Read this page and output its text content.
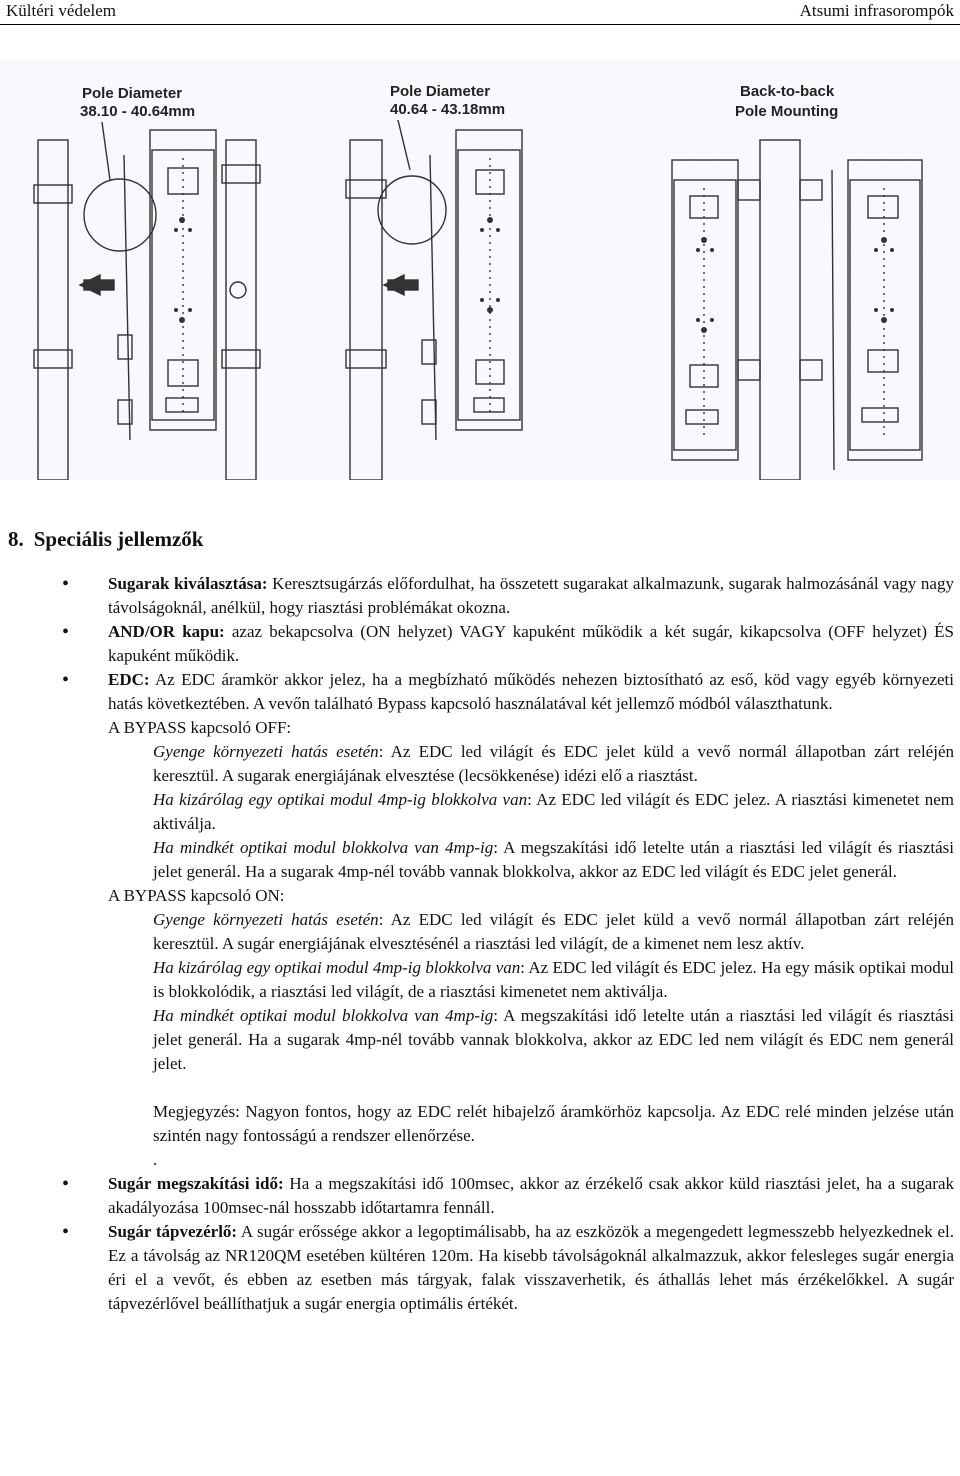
Kültéri védelem	Atsumi infrasorompók
Pole Diameter
38.10 - 40.64mm
Pole Diameter
40.64 - 43.18mm
Back-to-back
Pole Mounting
8. Speciális jellemzők
• Sugarak kiválasztása: Keresztsugárzás előfordulhat, ha összetett sugarakat alkalmazunk, sugarak halmozásánál vagy nagy távolságoknál, anélkül, hogy riasztási problémákat okozna.
• AND/OR kapu: azaz bekapcsolva (ON helyzet) VAGY kapuként működik a két sugár, kikapcsolva (OFF helyzet) ÉS kapuként működik.
• EDC: Az EDC áramkör akkor jelez, ha a megbízható működés nehezen biztosítható az eső, köd vagy egyéb környezeti hatás következtében. A vevőn található Bypass kapcsoló használatával két jellemző módból választhatunk.
A BYPASS kapcsoló OFF:
Gyenge környezeti hatás esetén: Az EDC led világít és EDC jelet küld a vevő normál állapotban zárt reléjén keresztül. A sugarak energiájának elvesztése (lecsökkenése) idézi elő a riasztást.
Ha kizárólag egy optikai modul 4mp-ig blokkolva van: Az EDC led világít és EDC jelez. A riasztási kimenetet nem aktiválja.
Ha mindkét optikai modul blokkolva van 4mp-ig: A megszakítási idő letelte után a riasztási led világít és riasztási jelet generál. Ha a sugarak 4mp-nél tovább vannak blokkolva, akkor az EDC led világít és EDC jelet generál.
A BYPASS kapcsoló ON:
Gyenge környezeti hatás esetén: Az EDC led világít és EDC jelet küld a vevő normál állapotban zárt reléjén keresztül. A sugár energiájának elvesztésénél a riasztási led világít, de a kimenet nem lesz aktív.
Ha kizárólag egy optikai modul 4mp-ig blokkolva van: Az EDC led világít és EDC jelez. Ha egy másik optikai modul is blokkolódik, a riasztási led világít, de a riasztási kimenetet nem aktiválja.
Ha mindkét optikai modul blokkolva van 4mp-ig: A megszakítási idő letelte után a riasztási led világít és riasztási jelet generál. Ha a sugarak 4mp-nél tovább vannak blokkolva, akkor az EDC led nem világít és EDC nem generál jelet.
Megjegyzés: Nagyon fontos, hogy az EDC relét hibajelző áramkörhöz kapcsolja. Az EDC relé minden jelzése után szintén nagy fontosságú a rendszer ellenőrzése.
.
• Sugár megszakítási idő: Ha a megszakítási idő 100msec, akkor az érzékelő csak akkor küld riasztási jelet, ha a sugarak akadályozása 100msec-nál hosszabb időtartamra fennáll.
• Sugár tápvezérlő: A sugár erőssége akkor a legoptimálisabb, ha az eszközök a megengedett legmesszebb helyezkednek el. Ez a távolság az NR120QM esetében kültéren 120m. Ha kisebb távolságoknál alkalmazzuk, akkor felesleges sugár energia éri el a vevőt, és ebben az esetben más tárgyak, falak visszaverhetik, és áthallás lehet más érzékelőkkel. A sugár tápvezérlővel beállíthatjuk a sugár energia optimális értékét.
